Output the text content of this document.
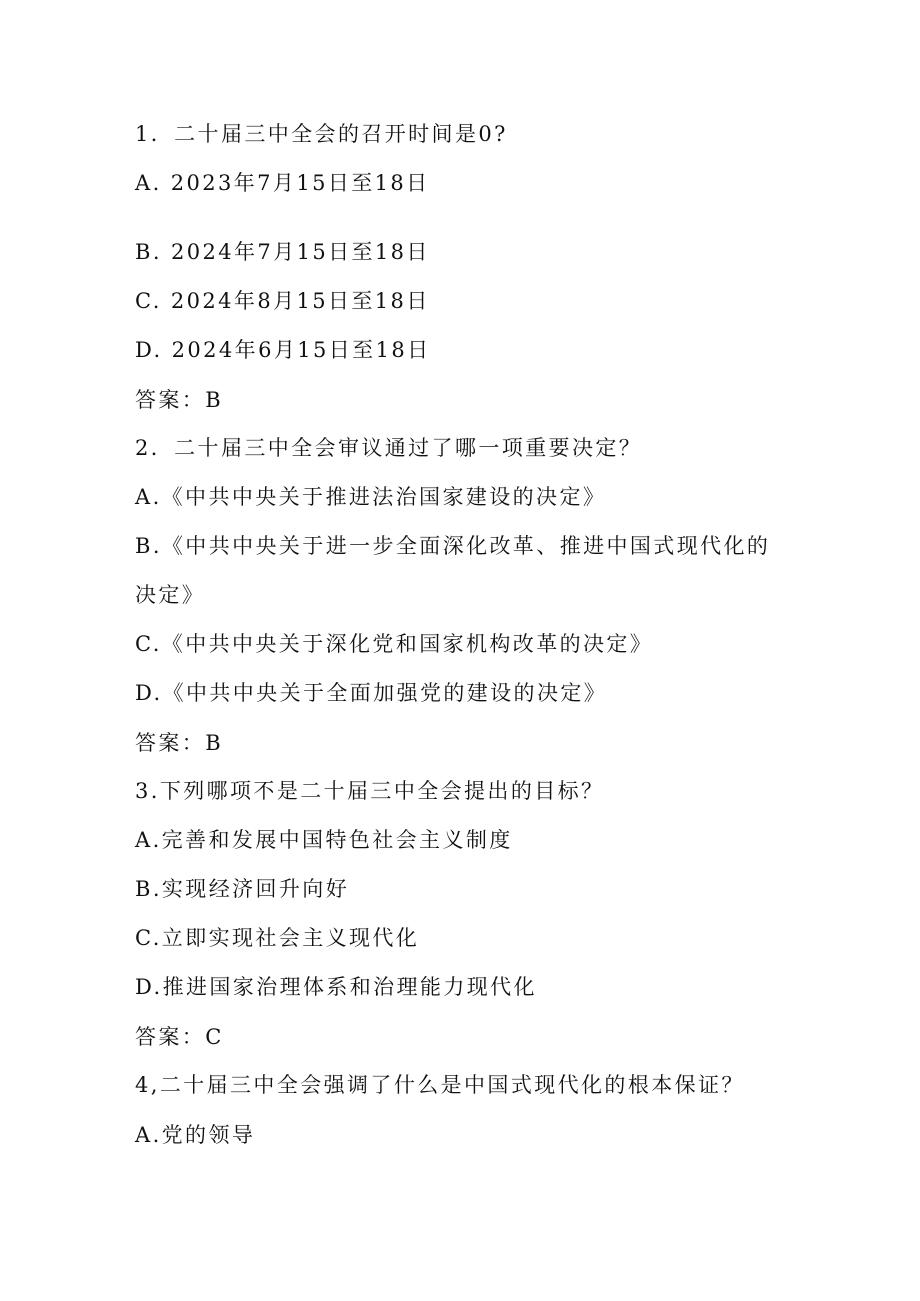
1．二十届三中全会的召开时间是0?
A. 2023年7月15日至18日
B. 2024年7月15日至18日
C. 2024年8月15日至18日
D. 2024年6月15日至18日
答案：B
2．二十届三中全会审议通过了哪一项重要决定？
A.《中共中央关于推进法治国家建设的决定》
B.《中共中央关于进一步全面深化改革、推进中国式现代化的
决定》
C.《中共中央关于深化党和国家机构改革的决定》
D.《中共中央关于全面加强党的建设的决定》
答案：B
3.下列哪项不是二十届三中全会提出的目标？
A.完善和发展中国特色社会主义制度
B.实现经济回升向好
C.立即实现社会主义现代化
D.推进国家治理体系和治理能力现代化
答案：C
4,二十届三中全会强调了什么是中国式现代化的根本保证？
A.党的领导
